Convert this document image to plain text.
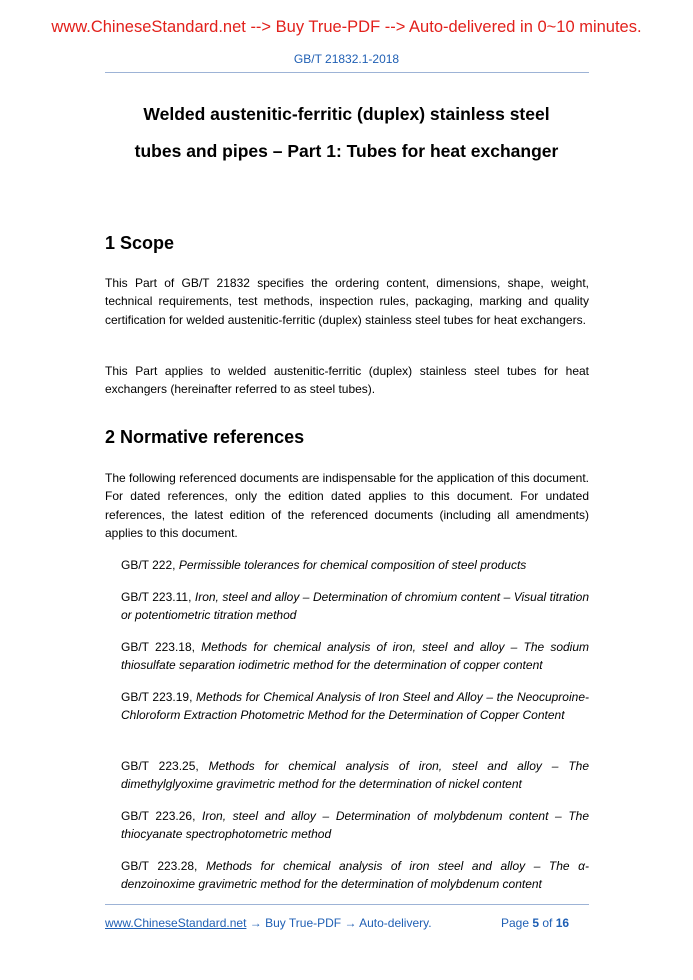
www.ChineseStandard.net --> Buy True-PDF --> Auto-delivered in 0~10 minutes.
GB/T 21832.1-2018
Welded austenitic-ferritic (duplex) stainless steel
tubes and pipes – Part 1: Tubes for heat exchanger
1 Scope

This Part of GB/T 21832 specifies the ordering content, dimensions, shape, weight, technical requirements, test methods, inspection rules, packaging, marking and quality certification for welded austenitic-ferritic (duplex) stainless steel tubes for heat exchangers.

This Part applies to welded austenitic-ferritic (duplex) stainless steel tubes for heat exchangers (hereinafter referred to as steel tubes).

2 Normative references

The following referenced documents are indispensable for the application of this document. For dated references, only the edition dated applies to this document. For undated references, the latest edition of the referenced documents (including all amendments) applies to this document.

GB/T 222, Permissible tolerances for chemical composition of steel products

GB/T 223.11, Iron, steel and alloy – Determination of chromium content – Visual titration or potentiometric titration method

GB/T 223.18, Methods for chemical analysis of iron, steel and alloy – The sodium thiosulfate separation iodimetric method for the determination of copper content

GB/T 223.19, Methods for Chemical Analysis of Iron Steel and Alloy – the Neocuproine-Chloroform Extraction Photometric Method for the Determination of Copper Content

GB/T 223.25, Methods for chemical analysis of iron, steel and alloy – The dimethylglyoxime gravimetric method for the determination of nickel content

GB/T 223.26, Iron, steel and alloy – Determination of molybdenum content – The thiocyanate spectrophotometric method

GB/T 223.28, Methods for chemical analysis of iron steel and alloy – The α-denzoinoxime gravimetric method for the determination of molybdenum content

www.ChineseStandard.net → Buy True-PDF → Auto-delivery.	Page 5 of 16
